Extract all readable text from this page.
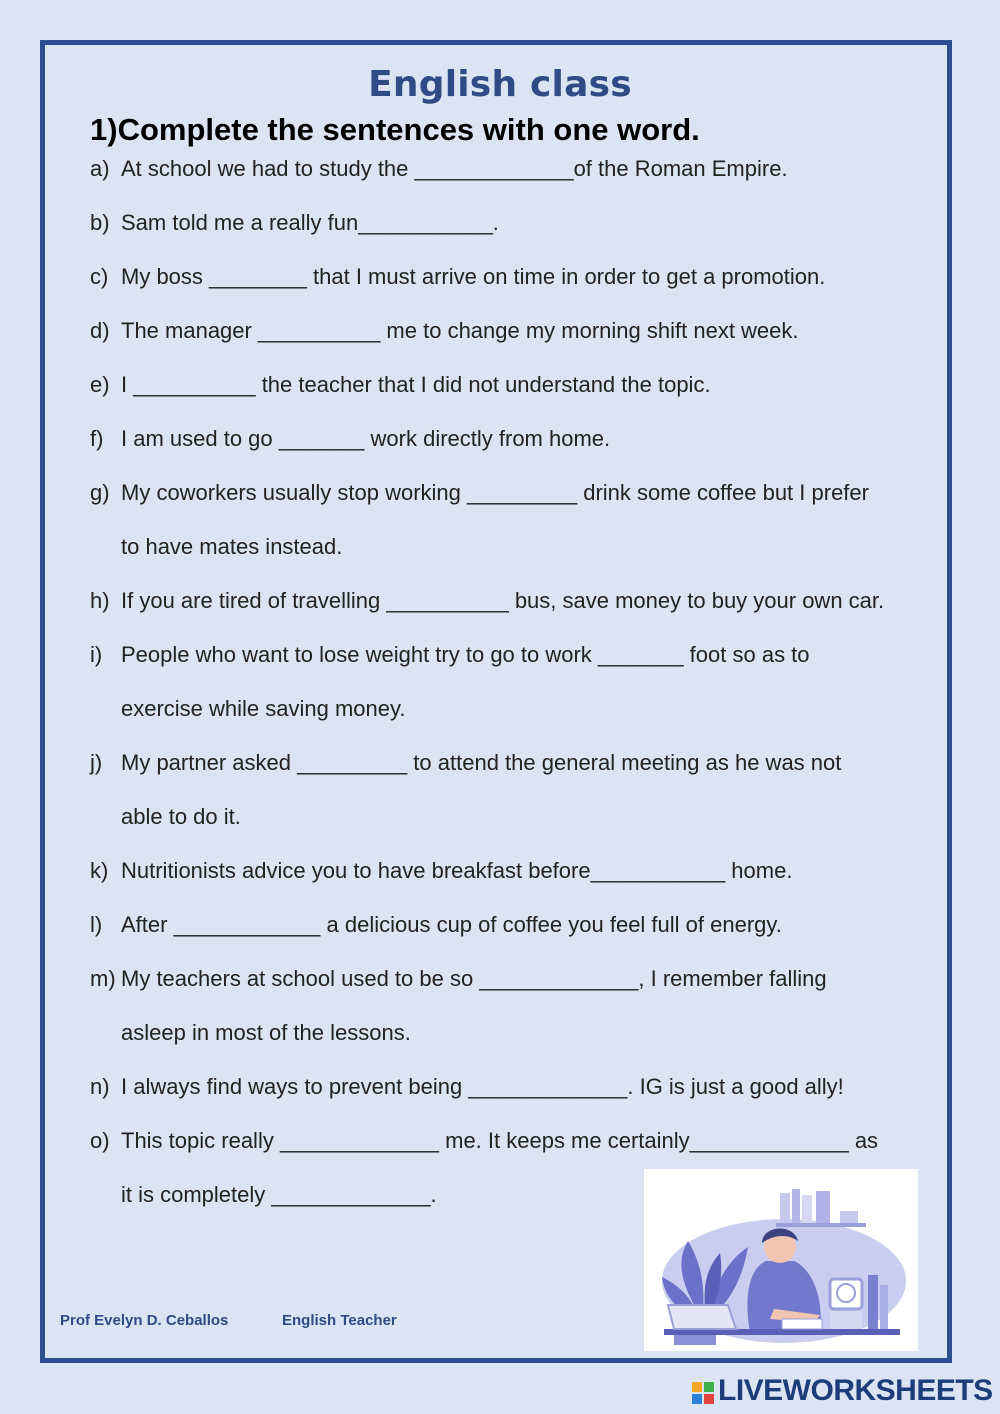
English class
1)Complete the sentences with one word.
a) At school we had to study the _____________of the Roman Empire.
b) Sam told me a really fun___________.
c) My boss ________ that I must arrive on time in order to get a promotion.
d) The manager __________ me to change my morning shift next week.
e) I __________ the teacher that I did not understand the topic.
f) I am used to go _______ work directly from home.
g) My coworkers usually stop working _________ drink some coffee but I prefer
to have mates instead.
h) If you are tired of travelling __________ bus, save money to buy your own car.
i) People who want to lose weight try to go to work _______ foot so as to
exercise while saving money.
j) My partner asked _________ to attend the general meeting as he was not
able to do it.
k) Nutritionists advice you to have breakfast before___________ home.
l) After ____________ a delicious cup of coffee you feel full of energy.
m) My teachers at school used to be so _____________, I remember falling
asleep in most of the lessons.
n) I always find ways to prevent being _____________. IG is just a good ally!
o) This topic really _____________ me. It keeps me certainly_____________ as
it is completely _____________.
Prof Evelyn D. Ceballos	English Teacher
LIVEWORKSHEETS
